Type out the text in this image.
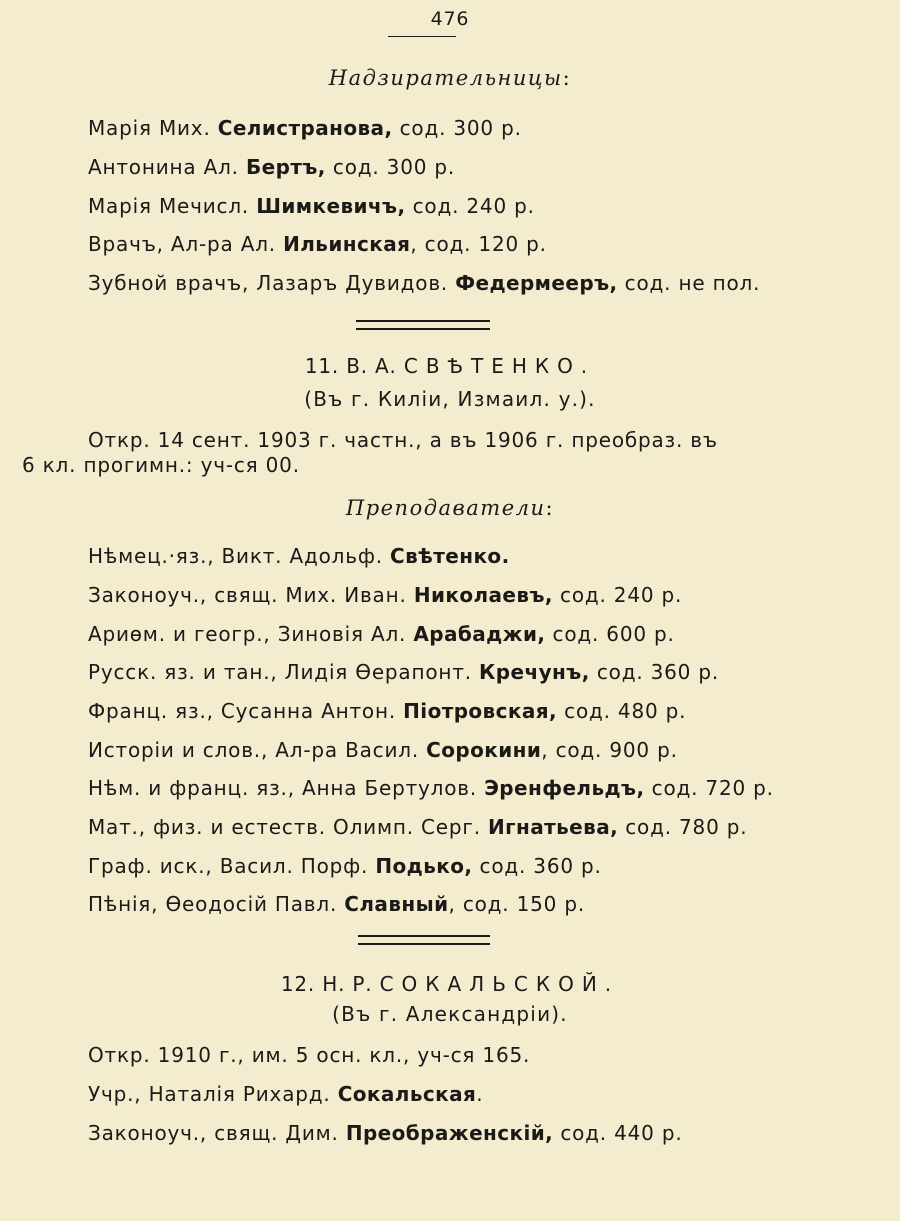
476
Надзирательницы:
Марія Мих. Селистранова, сод. 300 р.
Антонина Ал. Бертъ, сод. 300 р.
Марія Мечисл. Шимкевичъ, сод. 240 р.
Врачъ, Ал-ра Ал. Ильинская, сод. 120 р.
Зубной врачъ, Лазаръ Дувидов. Федермееръ, сод. не пол.
11. В. А. СВѢТЕНКО.
(Въ г. Килiи, Измаил. у.).
Откр. 14 сент. 1903 г. частн., а въ 1906 г. преобраз. въ
6 кл. прогимн.: уч-ся 00.
Преподаватели:
Нѣмец.·яз., Викт. Адольф. Свѣтенко.
Законоуч., свящ. Мих. Иван. Николаевъ, сод. 240 р.
Ариѳм. и геогр., Зиновія Ал. Арабаджи, сод. 600 р.
Русск. яз. и тан., Лидія Ѳерапонт. Кречунъ, сод. 360 р.
Франц. яз., Сусанна Антон. Піотровская, сод. 480 р.
Исторіи и слов., Ал-ра Васил. Сорокини, сод. 900 р.
Нѣм. и франц. яз., Анна Бертулов. Эренфельдъ, сод. 720 р.
Мат., физ. и естеств. Олимп. Серг. Игнатьева, сод. 780 р.
Граф. иск., Васил. Порф. Подько, сод. 360 р.
Пѣнія, Ѳеодосій Павл. Славный, сод. 150 р.
12. Н. Р. СОКАЛЬСКОЙ.
(Въ г. Александріи).
Откр. 1910 г., им. 5 осн. кл., уч-ся 165.
Учр., Наталія Рихард. Сокальская.
Законоуч., свящ. Дим. Преображенскій, сод. 440 р.
